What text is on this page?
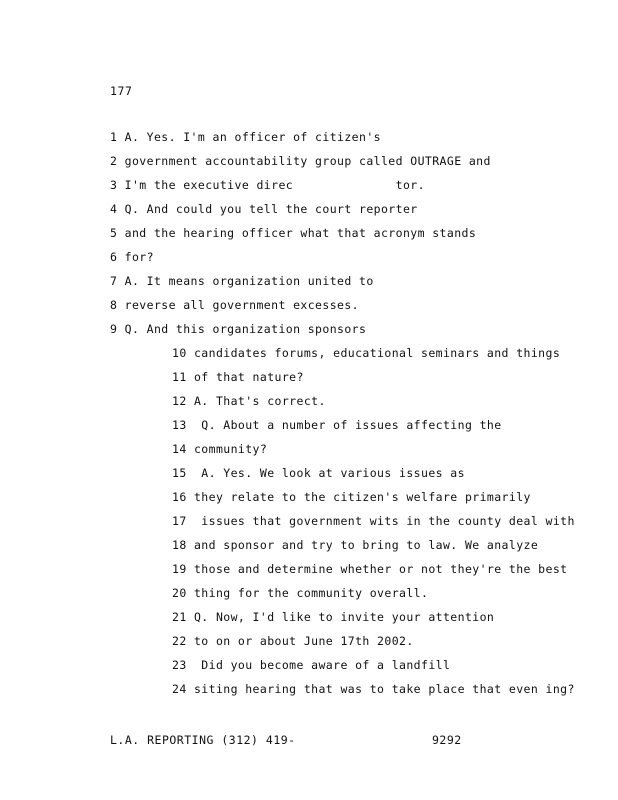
177
1 A. Yes. I'm an officer of citizen's
2 government accountability group called OUTRAGE and
3 I'm the executive direc              tor.
4 Q. And could you tell the court reporter
5 and the hearing officer what that acronym stands
6 for?
7 A. It means organization united to
8 reverse all government excesses.
9 Q. And this organization sponsors
10 candidates forums, educational seminars and things
11 of that nature?
12 A. That's correct.
13  Q. About a number of issues affecting the
14 community?
15  A. Yes. We look at various issues as
16 they relate to the citizen's welfare primarily
17  issues that government wits in the county deal with
18 and sponsor and try to bring to law. We analyze
19 those and determine whether or not they're the best
20 thing for the community overall.
21 Q. Now, I'd like to invite your attention
22 to on or about June 17th 2002.
23  Did you become aware of a landfill
24 siting hearing that was to take place that even ing?
L.A. REPORTING (312) 419-	9292
